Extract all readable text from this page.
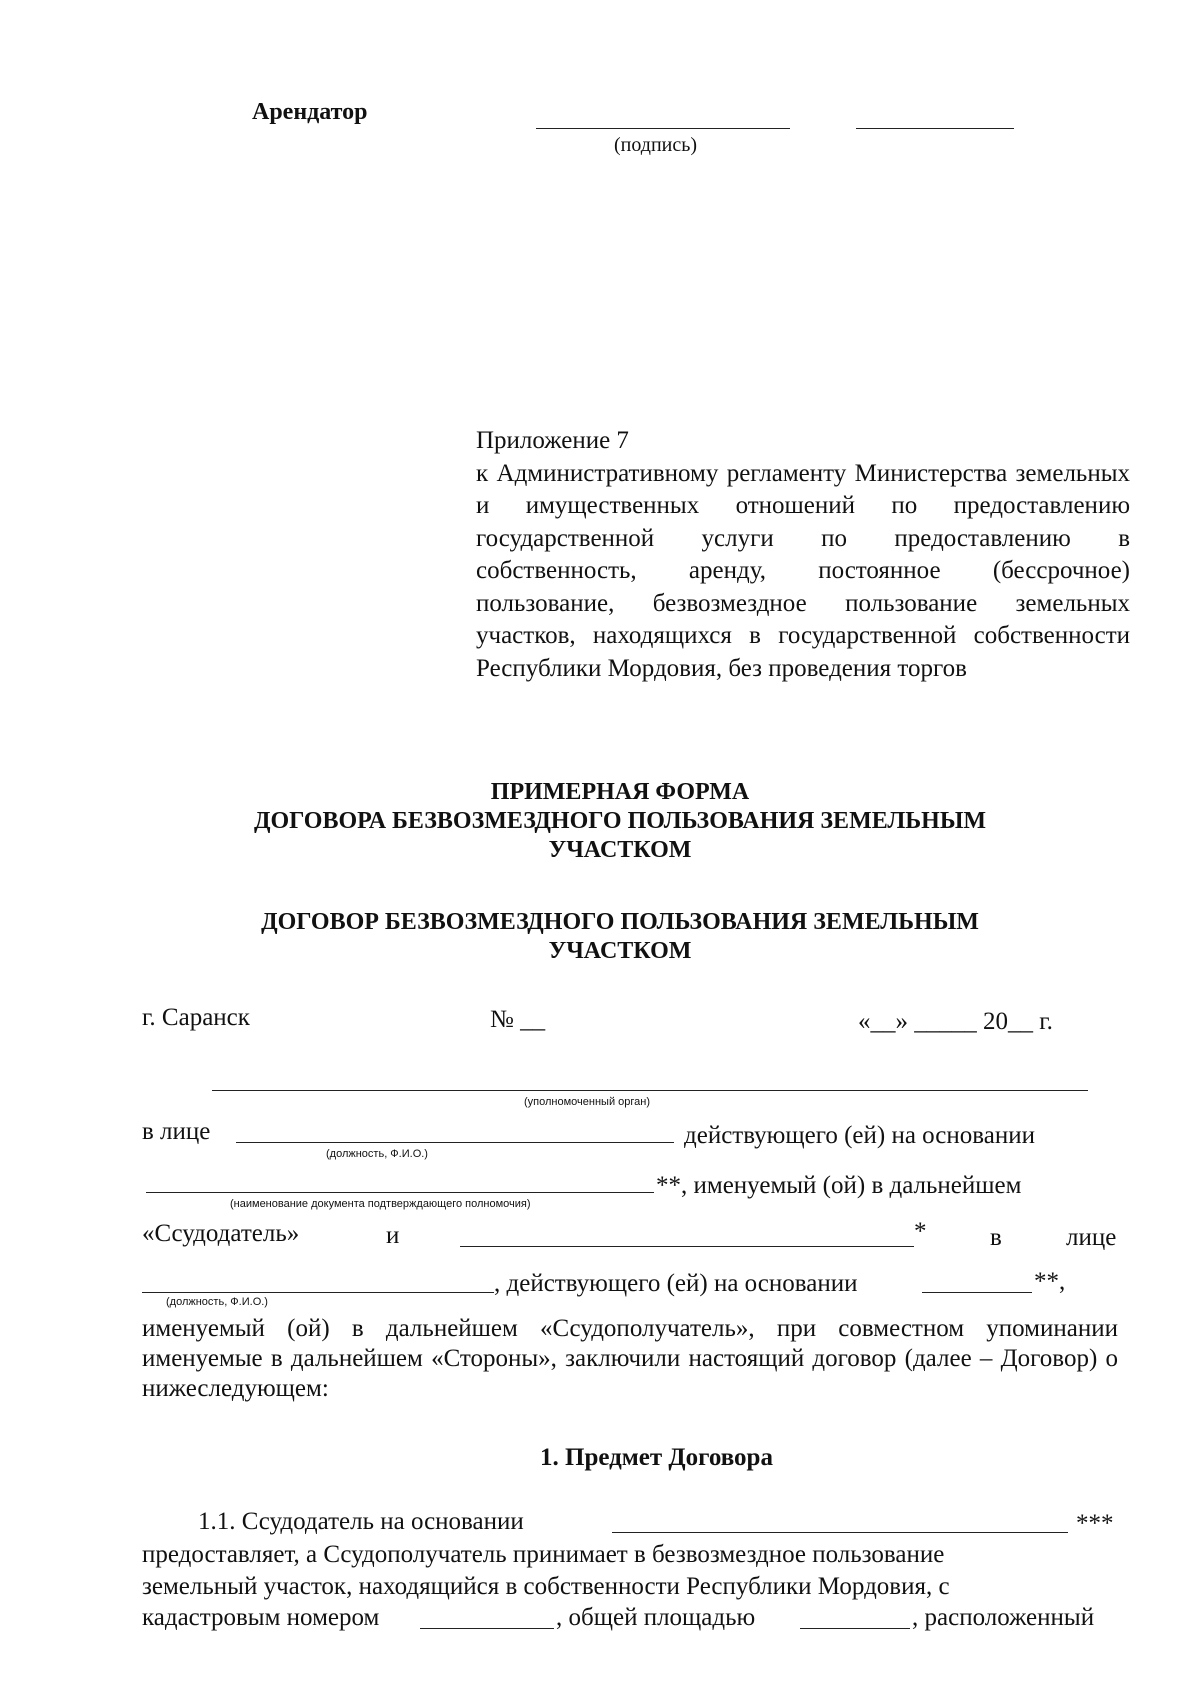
Арендатор
(подпись)
Приложение 7
к Административному регламенту Министерства земельных и имущественных отношений по предоставлению государственной услуги по предоставлению в собственность, аренду, постоянное (бессрочное) пользование, безвозмездное пользование земельных участков, находящихся в государственной собственности Республики Мордовия, без проведения торгов
ПРИМЕРНАЯ ФОРМА
ДОГОВОРА БЕЗВОЗМЕЗДНОГО ПОЛЬЗОВАНИЯ ЗЕМЕЛЬНЫМ
УЧАСТКОМ
ДОГОВОР БЕЗВОЗМЕЗДНОГО ПОЛЬЗОВАНИЯ ЗЕМЕЛЬНЫМ
УЧАСТКОМ
г. Саранск	№ __	«__» _____ 20__ г.
(уполномоченный орган)
в лице	действующего (ей) на основании
(должность, Ф.И.О.)
**, именуемый (ой) в дальнейшем
(наименование документа подтверждающего полномочия)
«Ссудодатель»	и	*	в	лице
, действующего (ей) на основании	**,
(должность, Ф.И.О.)
именуемый (ой) в дальнейшем «Ссудополучатель», при совместном упоминании именуемые в дальнейшем «Стороны», заключили настоящий договор (далее – Договор) о нижеследующем:
1. Предмет Договора
1.1. Ссудодатель на основании	***
предоставляет, а Ссудополучатель принимает в безвозмездное пользование
земельный участок, находящийся в собственности Республики Мордовия, с
кадастровым номером	, общей площадью	, расположенный
